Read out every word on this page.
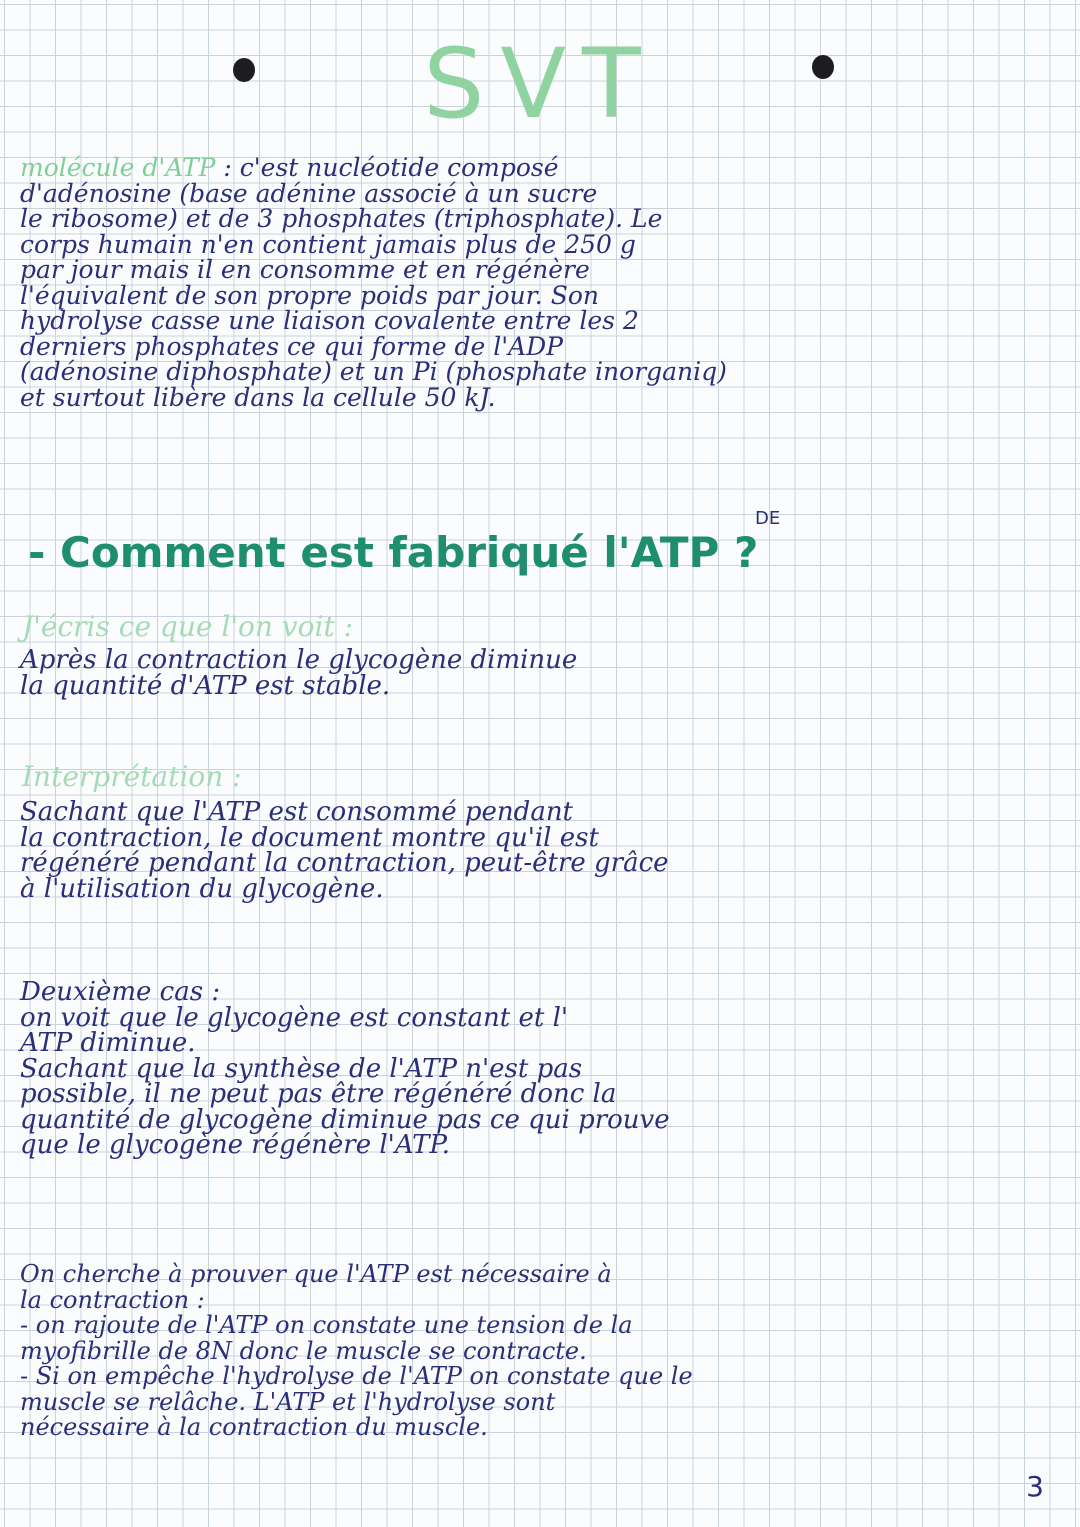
SVT
molécule d'ATP : c'est nucléotide composé
d'adénosine (base adénine associé à un sucre
le ribosome) et de 3 phosphates (triphosphate). Le
corps humain n'en contient jamais plus de 250 g
par jour mais il en consomme et en régénère
l'équivalent de son propre poids par jour. Son
hydrolyse casse une liaison covalente entre les 2
derniers phosphates ce qui forme de l'ADP
(adénosine diphosphate) et un Pi (phosphate inorganiq)
et surtout libère dans la cellule 50 kJ.
DE
- Comment est fabriqué l'ATP ?
J'écris ce que l'on voit :
Après la contraction le glycogène diminue
la quantité d'ATP est stable.
Interprétation :
Sachant que l'ATP est consommé pendant
la contraction, le document montre qu'il est
régénéré pendant la contraction, peut-être grâce
à l'utilisation du glycogène.
Deuxième cas :
on voit que le glycogène est constant et l'
ATP diminue.
Sachant que la synthèse de l'ATP n'est pas
possible, il ne peut pas être régénéré donc la
quantité de glycogène diminue pas ce qui prouve
que le glycogène régénère l'ATP.
On cherche à prouver que l'ATP est nécessaire à
la contraction :
- on rajoute de l'ATP on constate une tension de la
myofibrille de 8N donc le muscle se contracte.
- Si on empêche l'hydrolyse de l'ATP on constate que le
muscle se relâche. L'ATP et l'hydrolyse sont
nécessaire à la contraction du muscle.
3
